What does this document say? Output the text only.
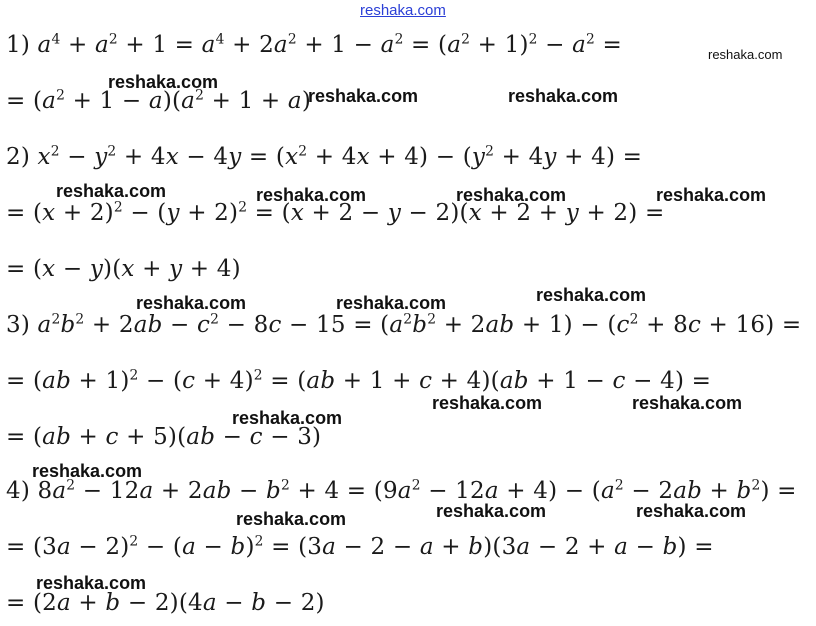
reshaka.com
1) $a^4 + a^2 + 1 = a^4 + 2a^2 + 1 - a^2 = (a^2 + 1)^2 - a^2$ =
= $(a^2 + 1 - a)(a^2 + 1 + a)$
2) $x^2 - y^2 + 4x - 4y = (x^2 + 4x + 4) - (y^2 + 4y + 4)$ =
= $(x + 2)^2 - (y + 2)^2 = (x + 2 - y - 2)(x + 2 + y + 2)$ =
= (x − y)(x + y + 4)
3) $a^2b^2 + 2ab - c^2 - 8c - 15 = (a^2b^2 + 2ab + 1) - (c^2 + 8c + 16)$ =
= $(ab + 1)^2 - (c + 4)^2 = (ab + 1 + c + 4)(ab + 1 - c - 4)$ =
= (ab + c + 5)(ab − c − 3)
4) $8a^2 - 12a + 2ab - b^2 + 4 = (9a^2 - 12a + 4) - (a^2 - 2ab + b^2)$ =
= $(3a - 2)^2 - (a - b)^2 = (3a - 2 - a + b)(3a - 2 + a - b)$ =
= (2a + b − 2)(4a − b − 2)
reshaka.com
reshaka.com
reshaka.com	reshaka.com
reshaka.com	reshaka.com	reshaka.com	reshaka.com
reshaka.com	reshaka.com	reshaka.com
reshaka.com	reshaka.com
reshaka.com
reshaka.com
reshaka.com	reshaka.com	reshaka.com
reshaka.com
